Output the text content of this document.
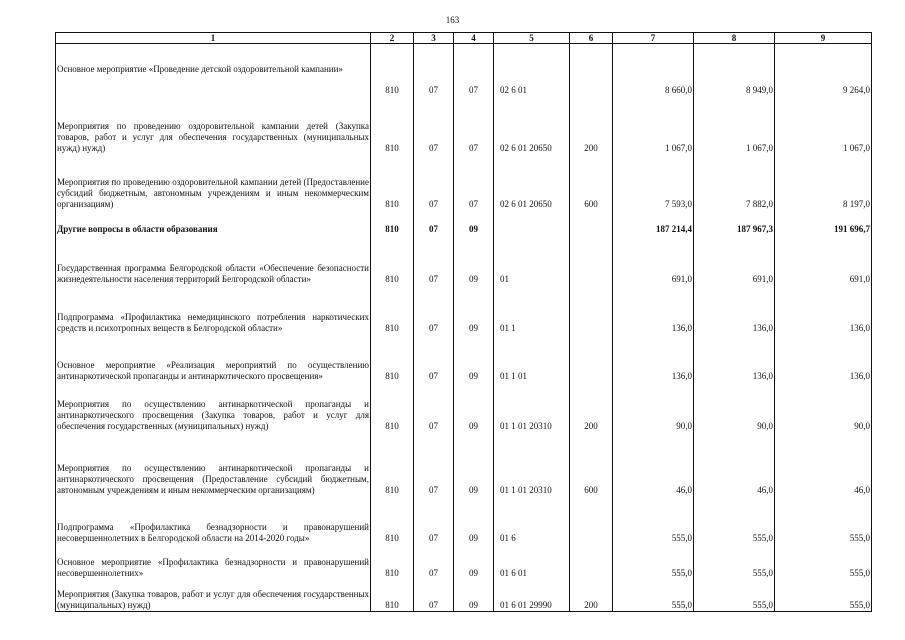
163
1	2	3	4	5	6	7	8	9
Основное мероприятие «Проведение детской оздоровительной кампании»	810	07	07	02 6 01		8 660,0	8 949,0	9 264,0
Мероприятия по проведению оздоровительной кампании детей (Закупка товаров, работ и услуг для обеспечения государственных (муниципальных нужд) нужд)	810	07	07	02 6 01 20650	200	1 067,0	1 067,0	1 067,0
Мероприятия по проведению оздоровительной кампании детей (Предоставление субсидий бюджетным, автономным учреждениям и иным некоммерческим организациям)	810	07	07	02 6 01 20650	600	7 593,0	7 882,0	8 197,0
Другие вопросы в области образования	810	07	09			187 214,4	187 967,3	191 696,7
Государственная программа Белгородской области «Обеспечение безопасности жизнедеятельности населения территорий Белгородской области»	810	07	09	01		691,0	691,0	691,0
Подпрограмма «Профилактика немедицинского потребления наркотических средств и психотропных веществ в Белгородской области»	810	07	09	01 1		136,0	136,0	136,0
Основное мероприятие «Реализация мероприятий по осуществлению антинаркотической пропаганды и антинаркотического просвещения»	810	07	09	01 1 01		136,0	136,0	136,0
Мероприятия по осуществлению антинаркотической пропаганды и антинаркотического просвещения (Закупка товаров, работ и услуг для обеспечения государственных (муниципальных) нужд)	810	07	09	01 1 01 20310	200	90,0	90,0	90,0
Мероприятия по осуществлению антинаркотической пропаганды и антинаркотического просвещения (Предоставление субсидий бюджетным, автономным учреждениям и иным некоммерческим организациям)	810	07	09	01 1 01 20310	600	46,0	46,0	46,0
Подпрограмма «Профилактика безнадзорности и правонарушений несовершеннолетних в Белгородской области на 2014-2020 годы»	810	07	09	01 6		555,0	555,0	555,0
Основное мероприятие «Профилактика безнадзорности и правонарушений несовершеннолетних»	810	07	09	01 6 01		555,0	555,0	555,0
Мероприятия (Закупка товаров, работ и услуг для обеспечения государственных (муниципальных) нужд)	810	07	09	01 6 01 29990	200	555,0	555,0	555,0
